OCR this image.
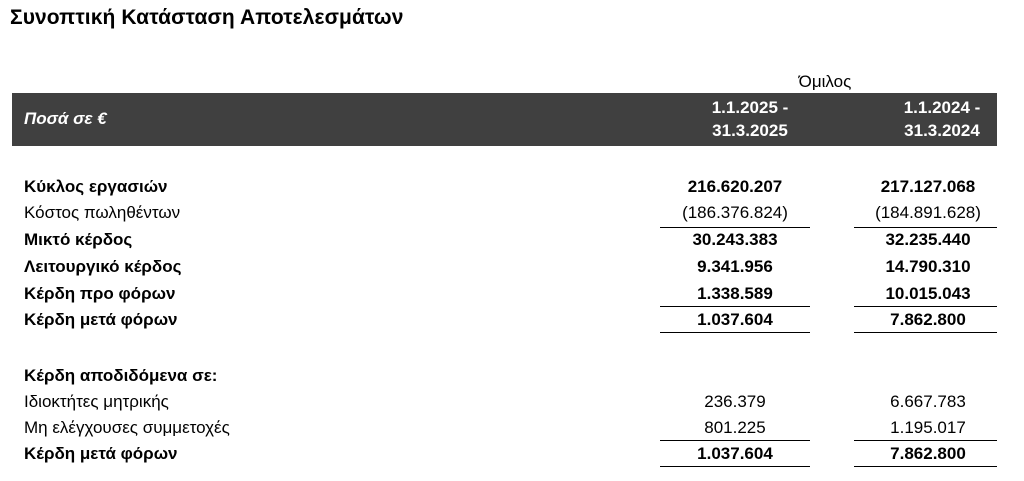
Συνοπτική Κατάσταση Αποτελεσμάτων
Όμιλος
Ποσά σε €
1.1.2025 -
31.3.2025
1.1.2024 -
31.3.2024
Κύκλος εργασιών	216.620.207	217.127.068
Κόστος πωληθέντων	(186.376.824)	(184.891.628)
Μικτό κέρδος	30.243.383	32.235.440
Λειτουργικό κέρδος	9.341.956	14.790.310
Κέρδη προ φόρων	1.338.589	10.015.043
Κέρδη μετά φόρων	1.037.604	7.862.800
Κέρδη αποδιδόμενα σε:
Ιδιοκτήτες μητρικής	236.379	6.667.783
Μη ελέγχουσες συμμετοχές	801.225	1.195.017
Κέρδη μετά φόρων	1.037.604	7.862.800
